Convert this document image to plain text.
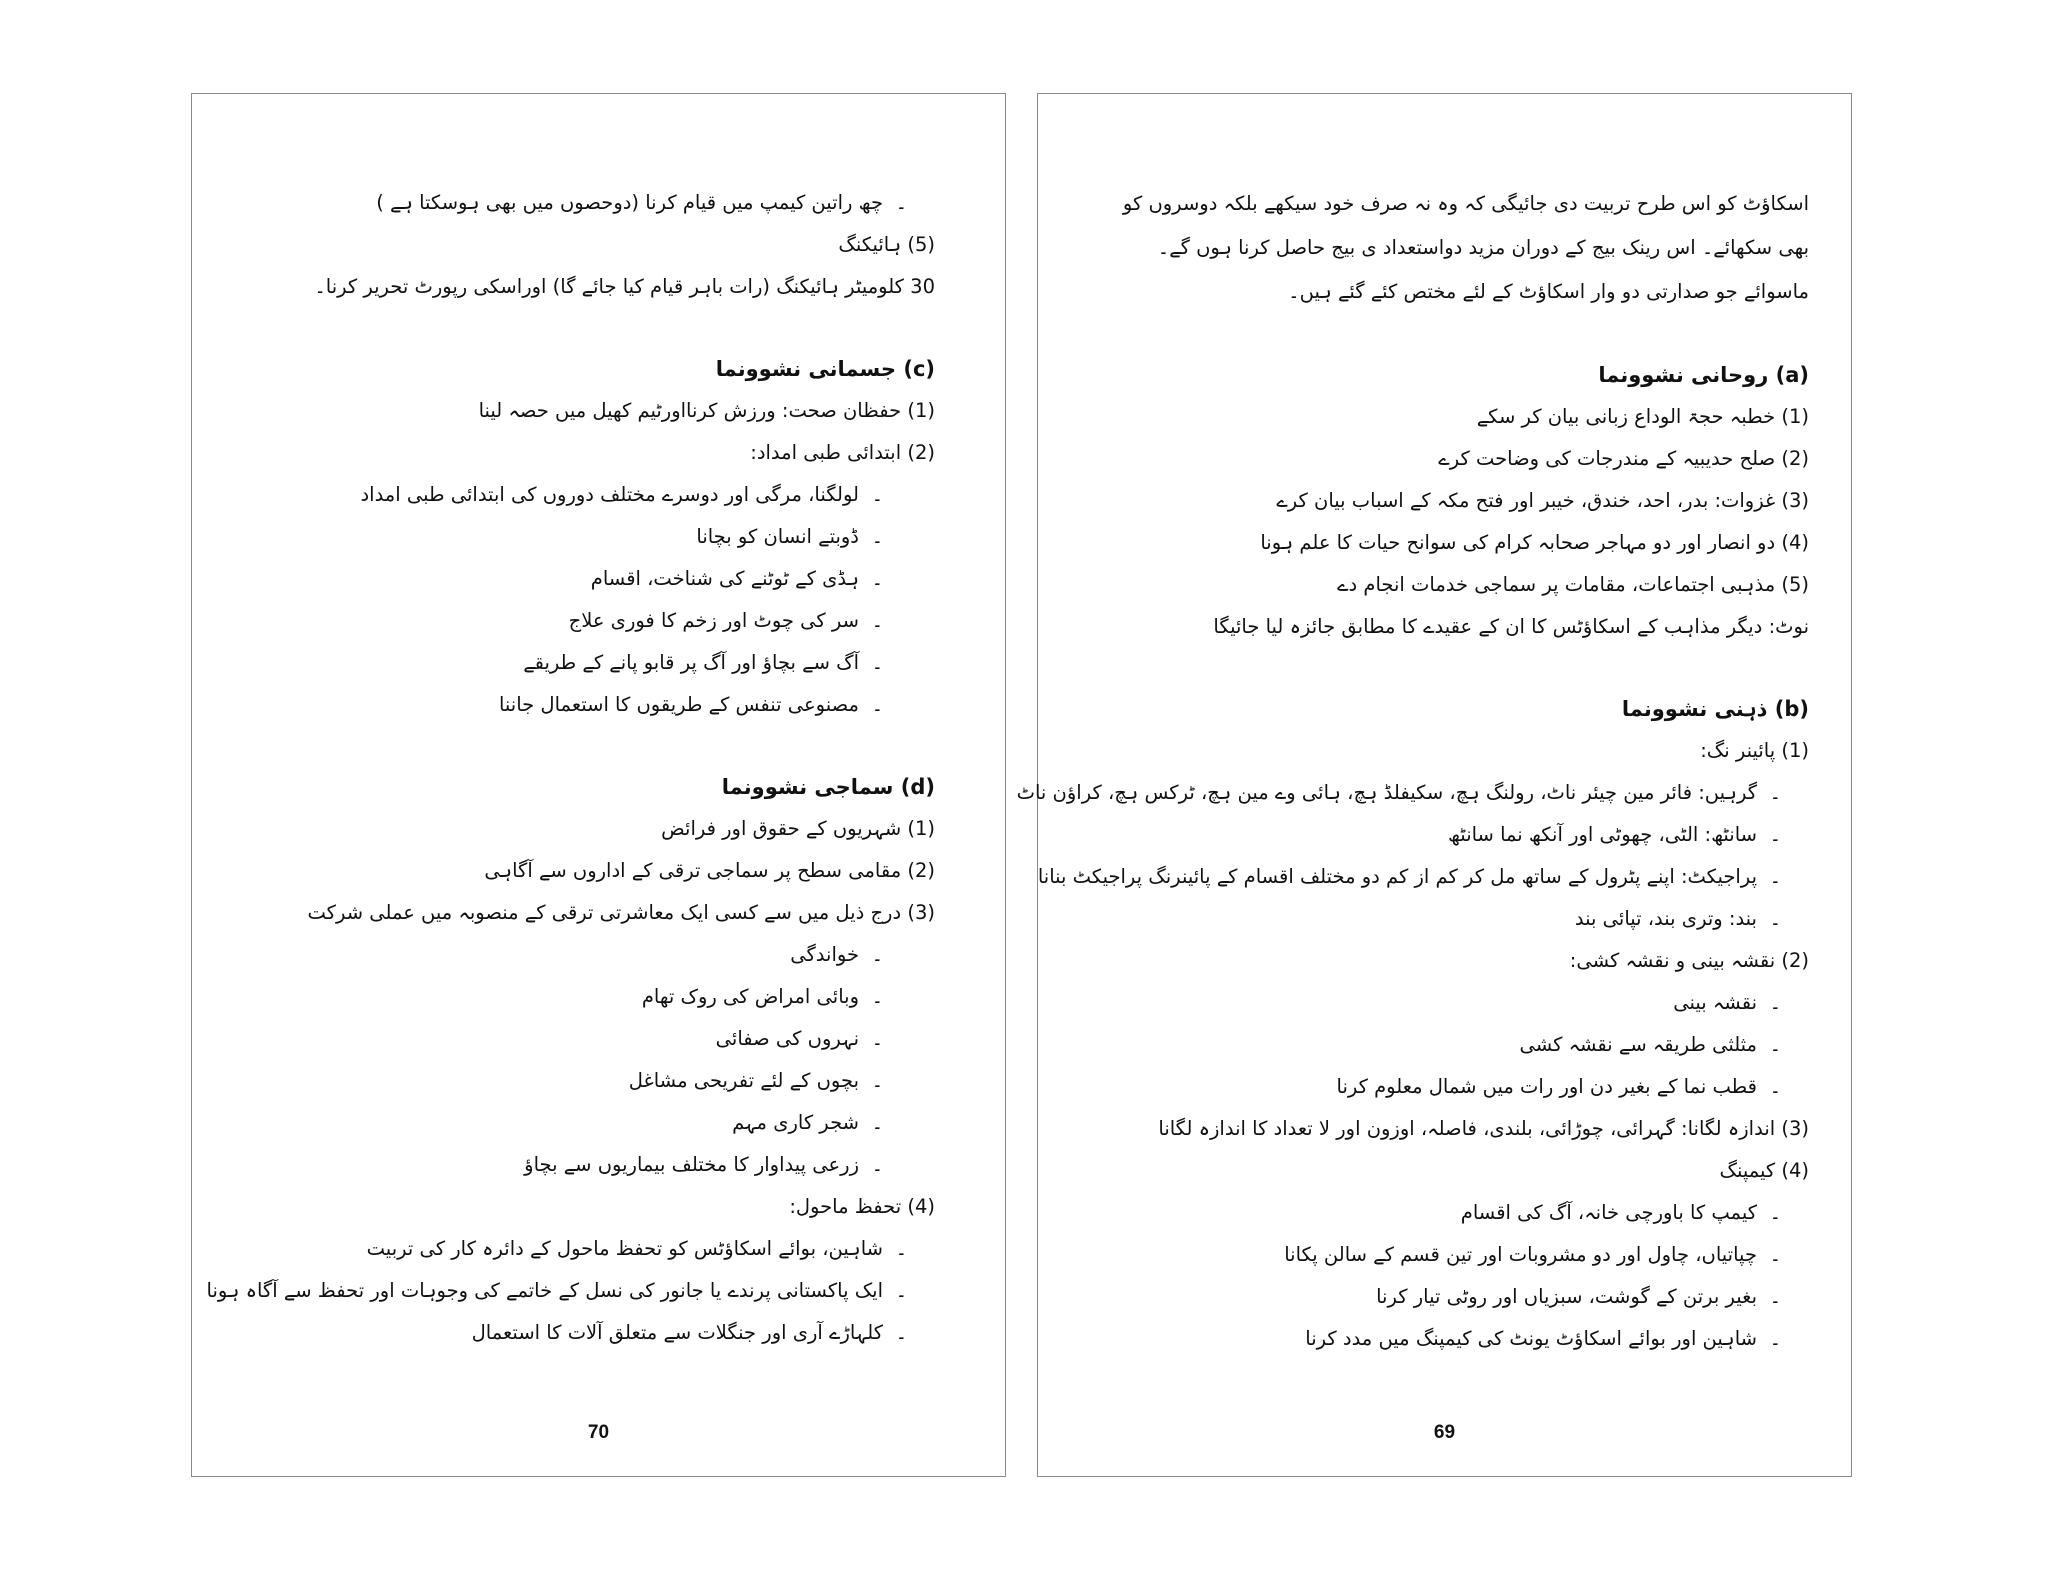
۔چھ راتین کیمپ میں قیام کرنا (دوحصوں میں بھی ہوسکتا ہے )
(5) ہائیکنگ
30 کلومیٹر ہائیکنگ (رات باہر قیام کیا جائے گا) اوراسکی رپورٹ تحریر کرنا۔
(c) جسمانی نشوونما
(1) حفظان صحت: ورزش کرنااورٹیم کھیل میں حصہ لینا
(2) ابتدائی طبی امداد:
۔لولگنا، مرگی اور دوسرے مختلف دوروں کی ابتدائی طبی امداد
۔ڈوبتے انسان کو بچانا
۔ہڈی کے ٹوٹنے کی شناخت، اقسام
۔سر کی چوٹ اور زخم کا فوری علاج
۔آگ سے بچاؤ اور آگ پر قابو پانے کے طریقے
۔مصنوعی تنفس کے طریقوں کا استعمال جاننا
(d) سماجی نشوونما
(1) شہریوں کے حقوق اور فرائض
(2) مقامی سطح پر سماجی ترقی کے اداروں سے آگاہی
(3) درج ذیل میں سے کسی ایک معاشرتی ترقی کے منصوبہ میں عملی شرکت
۔خواندگی
۔وبائی امراض کی روک تھام
۔نہروں کی صفائی
۔بچوں کے لئے تفریحی مشاغل
۔شجر کاری مہم
۔زرعی پیداوار کا مختلف بیماریوں سے بچاؤ
(4) تحفظ ماحول:
۔شاہین، بوائے اسکاؤٹس کو تحفظ ماحول کے دائرہ کار کی تربیت
۔ایک پاکستانی پرندے یا جانور کی نسل کے خاتمے کی وجوہات اور تحفظ سے آگاہ ہونا
۔کلہاڑے آری اور جنگلات سے متعلق آلات کا استعمال
70
اسکاؤٹ کو اس طرح تربیت دی جائیگی کہ وہ نہ صرف خود سیکھے بلکہ دوسروں کو بھی سکھائے۔ اس رینک بیج کے دوران مزید دواستعداد ی بیج حاصل کرنا ہوں گے۔ ماسوائے جو صدارتی دو وار اسکاؤٹ کے لئے مختص کئے گئے ہیں۔
(a) روحانی نشوونما
(1) خطبہ حجۃ الوداع زبانی بیان کر سکے
(2) صلح حدیبیہ کے مندرجات کی وضاحت کرے
(3) غزوات: بدر، احد، خندق، خیبر اور فتح مکہ کے اسباب بیان کرے
(4) دو انصار اور دو مہاجر صحابہ کرام کی سوانح حیات کا علم ہونا
(5) مذہبی اجتماعات، مقامات پر سماجی خدمات انجام دے
نوٹ: دیگر مذاہب کے اسکاؤٹس کا ان کے عقیدے کا مطابق جائزہ لیا جائیگا
(b) ذہنی نشوونما
(1) پائینر نگ:
۔گرہیں: فائر مین چیئر ناٹ، رولنگ ہچ، سکیفلڈ ہچ، ہائی وے مین ہچ، ٹرکس ہچ، کراؤن ناٹ
۔سانٹھ: الٹی، چھوٹی اور آنکھ نما سانٹھ
۔پراجیکٹ: اپنے پٹرول کے ساتھ مل کر کم از کم دو مختلف اقسام کے پائینرنگ پراجیکٹ بنانا
۔بند: وتری بند، تپائی بند
(2) نقشہ بینی و نقشہ کشی:
۔نقشہ بینی
۔مثلثی طریقہ سے نقشہ کشی
۔قطب نما کے بغیر دن اور رات میں شمال معلوم کرنا
(3) اندازہ لگانا: گہرائی، چوڑائی، بلندی، فاصلہ، اوزون اور لا تعداد کا اندازہ لگانا
(4) کیمپنگ
۔کیمپ کا باورچی خانہ، آگ کی اقسام
۔چپاتیاں، چاول اور دو مشروبات اور تین قسم کے سالن پکانا
۔بغیر برتن کے گوشت، سبزیاں اور روٹی تیار کرنا
۔شاہین اور بوائے اسکاؤٹ یونٹ کی کیمپنگ میں مدد کرنا
69
